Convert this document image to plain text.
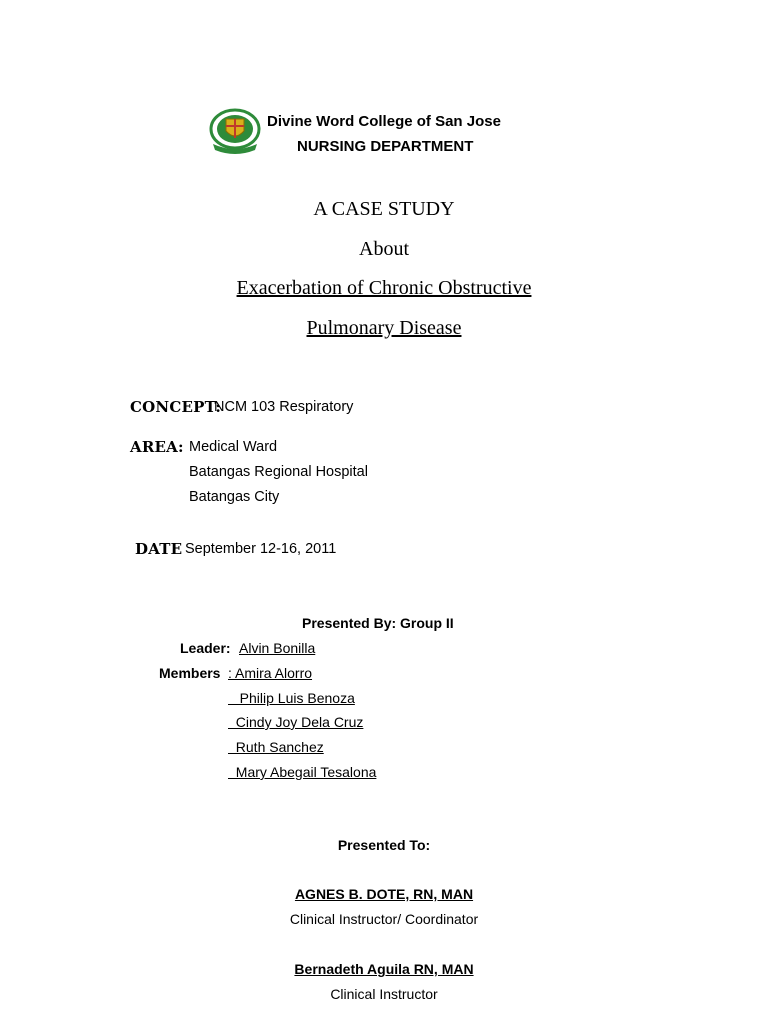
Divine Word College of San Jose
NURSING DEPARTMENT
A CASE STUDY
About
Exacerbation of Chronic Obstructive
Pulmonary Disease
CONCEPT:
NCM 103 Respiratory
AREA: Medical Ward
Batangas Regional Hospital
Batangas City
DATE September 12-16, 2011
Presented By: Group II
Leader: Alvin Bonilla
Members : Amira Alorro
Philip Luis Benoza
Cindy Joy Dela Cruz
Ruth Sanchez
Mary Abegail Tesalona
Presented To:
AGNES B. DOTE, RN, MAN
Clinical Instructor/ Coordinator
Bernadeth Aguila RN, MAN
Clinical Instructor
